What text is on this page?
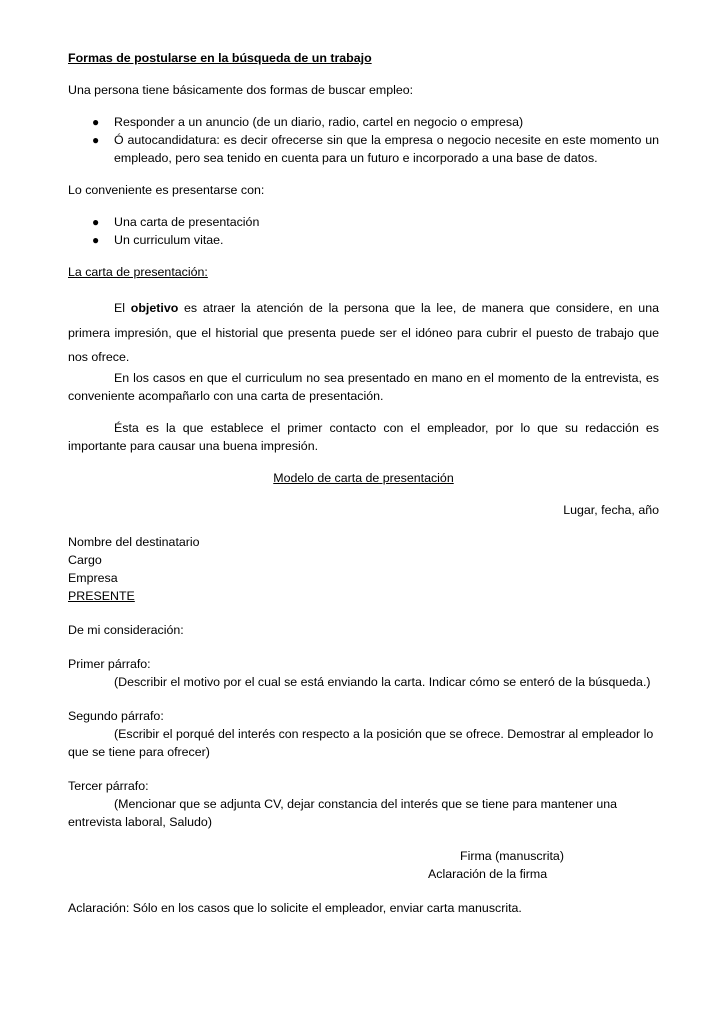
Formas de postularse en la búsqueda de un trabajo

Una persona tiene básicamente dos formas de buscar empleo:

● Responder a un anuncio (de un diario, radio, cartel en negocio o empresa)
● Ó autocandidatura: es decir ofrecerse sin que la empresa o negocio necesite en este momento un empleado, pero sea tenido en cuenta para un futuro e incorporado a una base de datos.

Lo conveniente es presentarse con:

● Una carta de presentación
● Un curriculum vitae.

La carta de presentación:

El objetivo es atraer la atención de la persona que la lee, de manera que considere, en una primera impresión, que el historial que presenta puede ser el idóneo para cubrir el puesto de trabajo que nos ofrece.

En los casos en que el curriculum no sea presentado en mano en el momento de la entrevista, es conveniente acompañarlo con una carta de presentación.

Ésta es la que establece el primer contacto con el empleador, por lo que su redacción es importante para causar una buena impresión.

Modelo de carta de presentación

Lugar, fecha, año

Nombre del destinatario

Cargo

Empresa

PRESENTE

De mi consideración:

Primer párrafo:

(Describir el motivo por el cual se está enviando la carta. Indicar cómo se enteró de la búsqueda.)

Segundo párrafo:

(Escribir el porqué del interés con respecto a la posición que se ofrece. Demostrar al empleador lo

que se tiene para ofrecer)

Tercer párrafo:

(Mencionar que se adjunta CV, dejar constancia del interés que se tiene para mantener una

entrevista laboral, Saludo)

Firma (manuscrita)

Aclaración de la firma

Aclaración: Sólo en los casos que lo solicite el empleador, enviar carta manuscrita.
